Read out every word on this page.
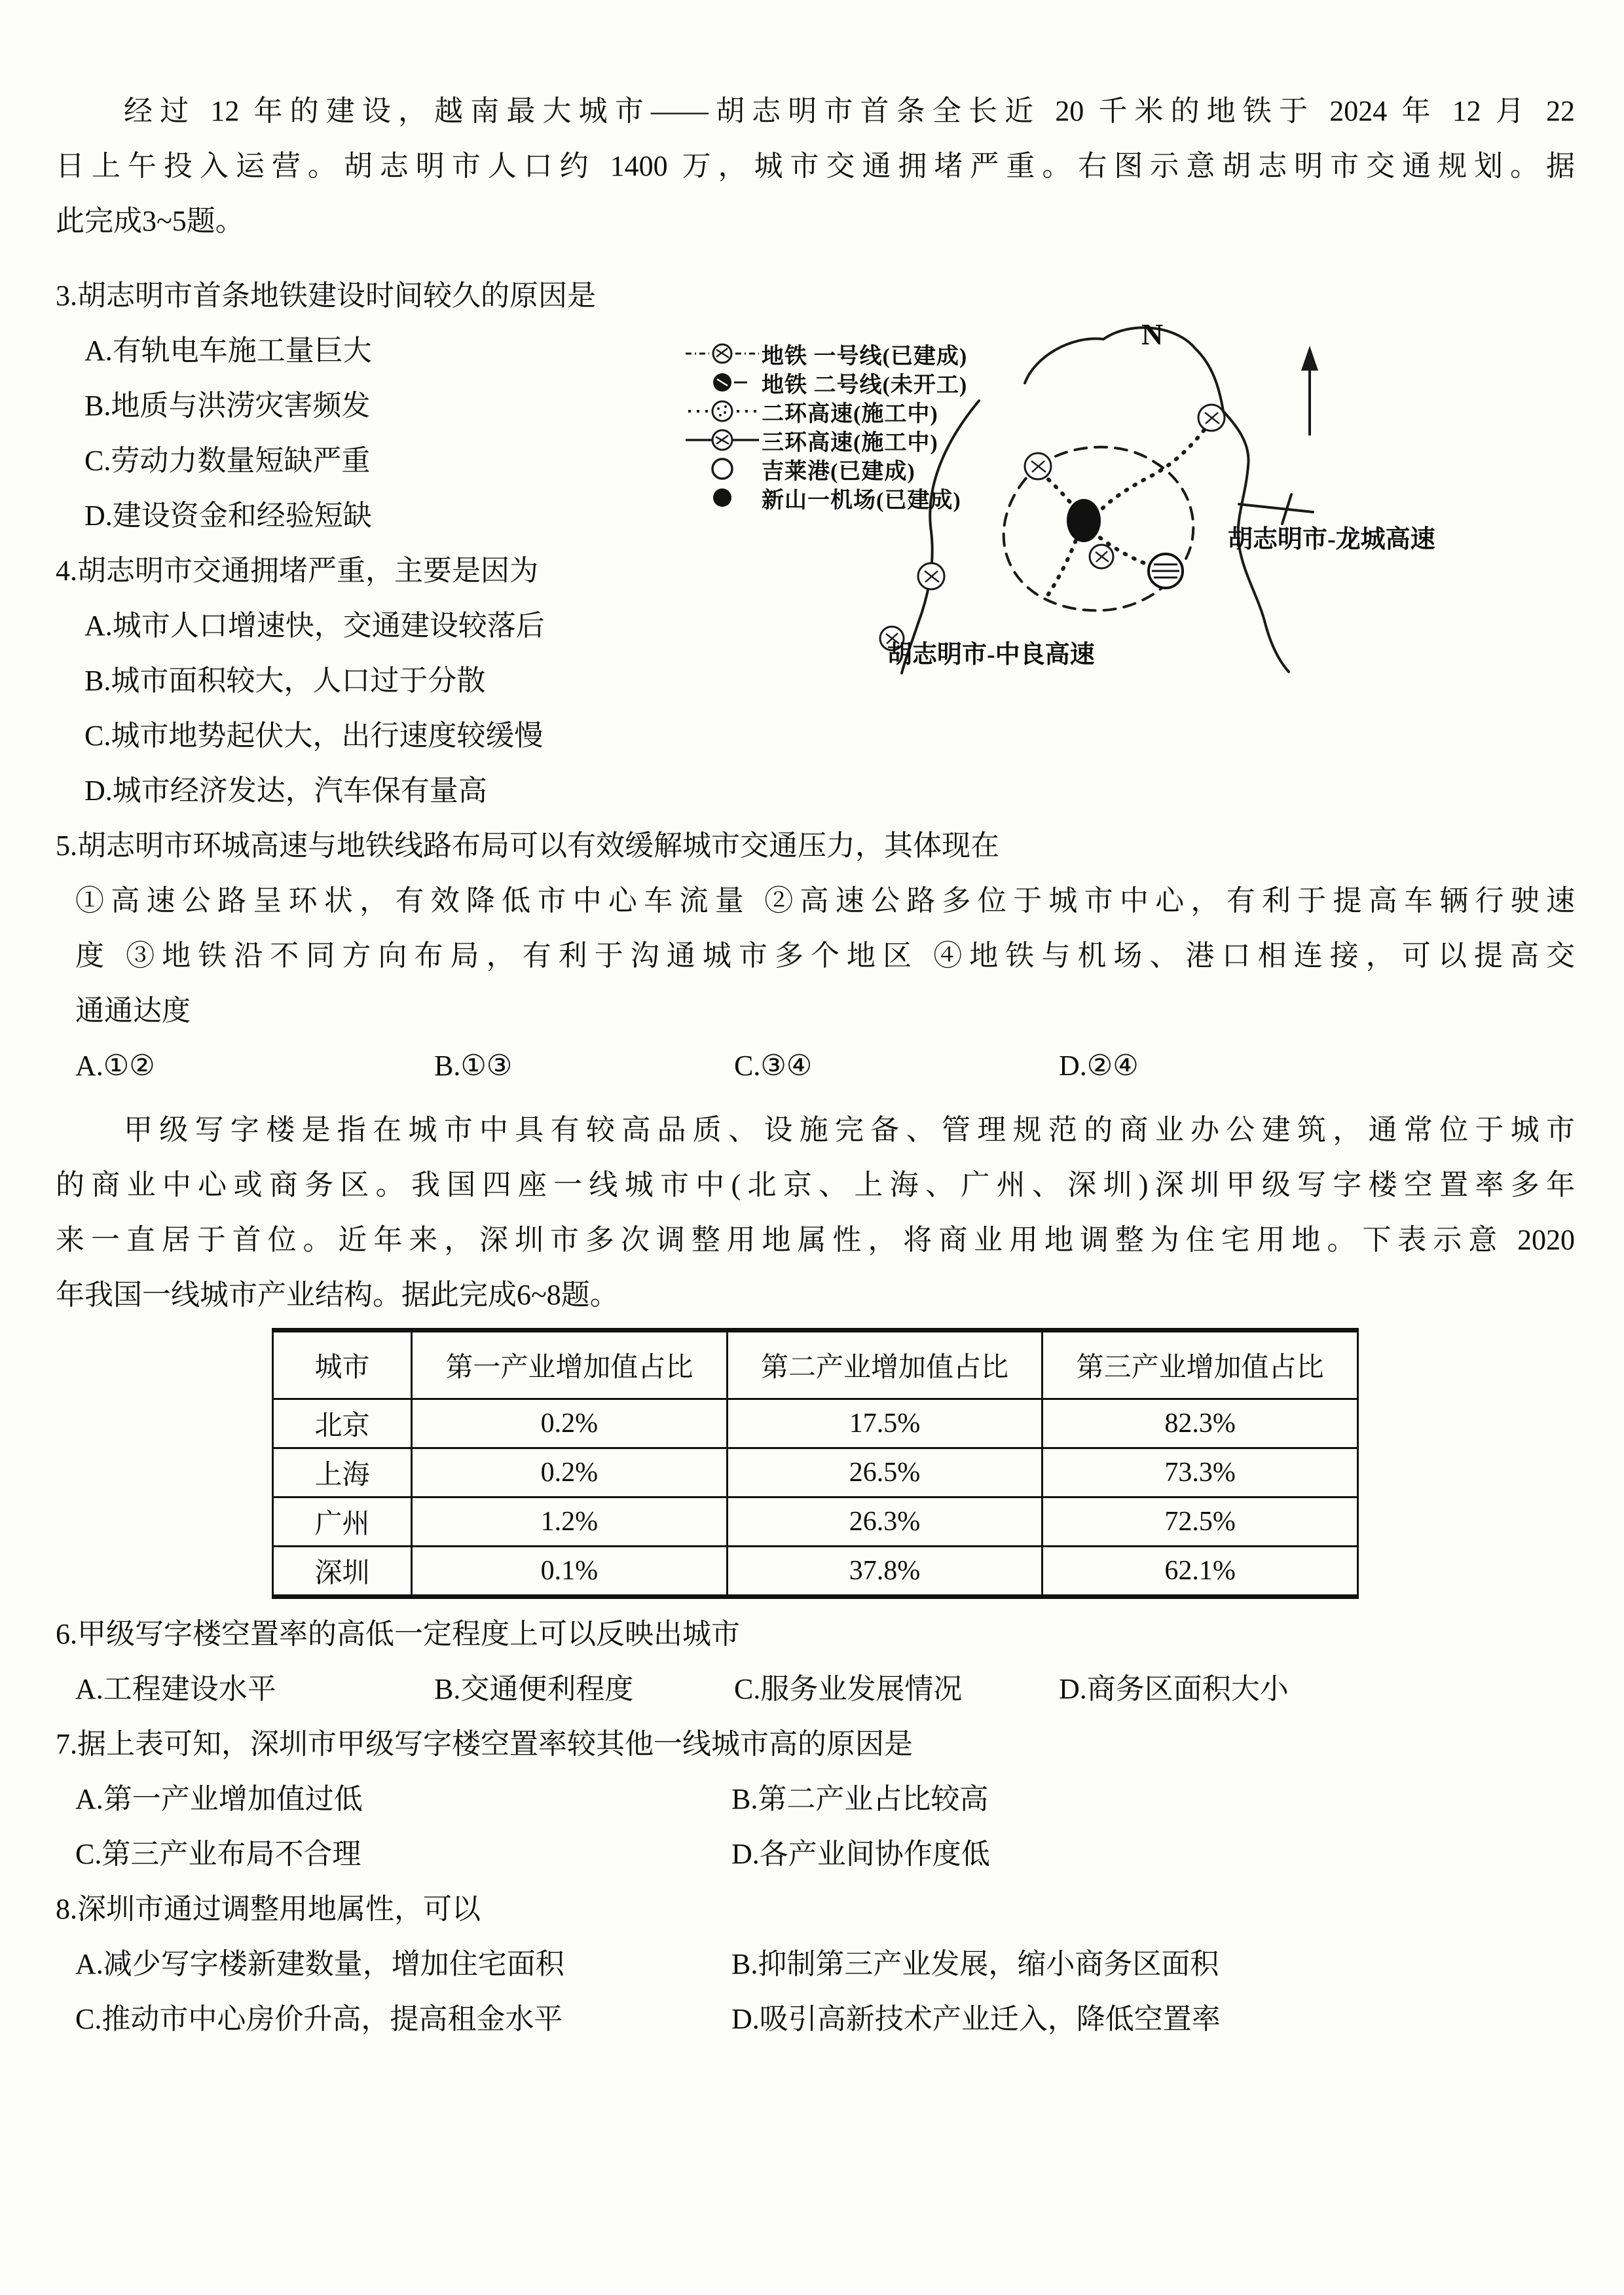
经过 12 年的建设，越南最大城市——胡志明市首条全长近 20 千米的地铁于 2024 年 12 月 22
日上午投入运营。胡志明市人口约 1400 万，城市交通拥堵严重。右图示意胡志明市交通规划。据
此完成3~5题。
地铁 一号线(已建成)
地铁 二号线(未开工)
二环高速(施工中)
三环高速(施工中)
吉莱港(已建成)
新山一机场(已建成)
N
胡志明市-龙城高速
胡志明市-中良高速
3.胡志明市首条地铁建设时间较久的原因是
A.有轨电车施工量巨大
B.地质与洪涝灾害频发
C.劳动力数量短缺严重
D.建设资金和经验短缺
4.胡志明市交通拥堵严重，主要是因为
A.城市人口增速快，交通建设较落后
B.城市面积较大，人口过于分散
C.城市地势起伏大，出行速度较缓慢
D.城市经济发达，汽车保有量高
5.胡志明市环城高速与地铁线路布局可以有效缓解城市交通压力，其体现在
①高速公路呈环状，有效降低市中心车流量 ②高速公路多位于城市中心，有利于提高车辆行驶速
度 ③地铁沿不同方向布局，有利于沟通城市多个地区 ④地铁与机场、港口相连接，可以提高交
通通达度
A.①②	B.①③	C.③④	D.②④
甲级写字楼是指在城市中具有较高品质、设施完备、管理规范的商业办公建筑，通常位于城市
的商业中心或商务区。我国四座一线城市中(北京、上海、广州、深圳)深圳甲级写字楼空置率多年
来一直居于首位。近年来，深圳市多次调整用地属性，将商业用地调整为住宅用地。下表示意 2020
年我国一线城市产业结构。据此完成6~8题。
城市	第一产业增加值占比	第二产业增加值占比	第三产业增加值占比
北京	0.2%	17.5%	82.3%
上海	0.2%	26.5%	73.3%
广州	1.2%	26.3%	72.5%
深圳	0.1%	37.8%	62.1%
6.甲级写字楼空置率的高低一定程度上可以反映出城市
A.工程建设水平	B.交通便利程度	C.服务业发展情况	D.商务区面积大小
7.据上表可知，深圳市甲级写字楼空置率较其他一线城市高的原因是
A.第一产业增加值过低	B.第二产业占比较高
C.第三产业布局不合理	D.各产业间协作度低
8.深圳市通过调整用地属性，可以
A.减少写字楼新建数量，增加住宅面积	B.抑制第三产业发展，缩小商务区面积
C.推动市中心房价升高，提高租金水平	D.吸引高新技术产业迁入，降低空置率
